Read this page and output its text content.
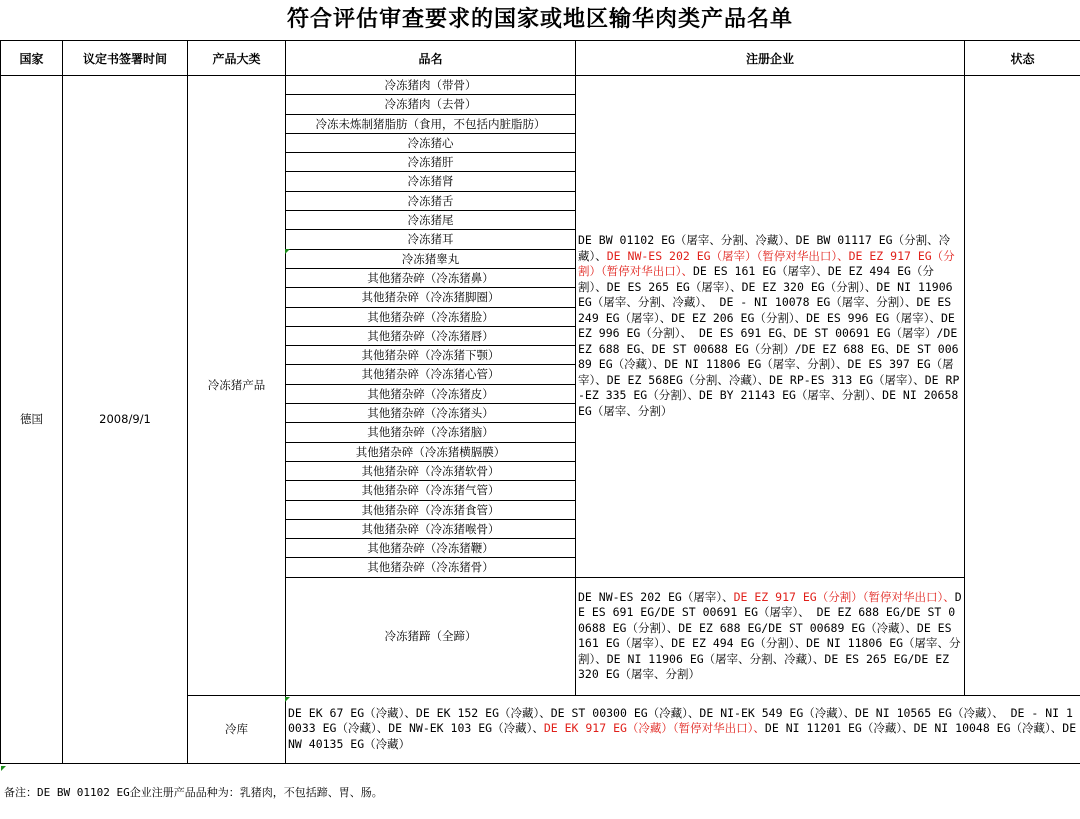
符合评估审查要求的国家或地区输华肉类产品名单
国家	议定书签署时间	产品大类	品名	注册企业	状态
德国	2008/9/1	冷冻猪产品	冷冻猪肉（带骨）	DE BW 01102 EG（屠宰、分割、冷藏）、DE BW 01117 EG（分割、冷藏）、DE NW-ES 202 EG（屠宰）（暂停对华出口）、DE EZ 917 EG（分割）（暂停对华出口）、DE ES 161 EG（屠宰）、DE EZ 494 EG（分割）、DE ES 265 EG（屠宰）、DE EZ 320 EG（分割）、DE NI 11906 EG（屠宰、分割、冷藏）、 DE - NI 10078 EG（屠宰、分割）、DE ES 249 EG（屠宰）、DE EZ 206 EG（分割）、DE ES 996 EG（屠宰）、DE EZ 996 EG（分割）、 DE ES 691 EG、DE ST 00691 EG（屠宰）/DE EZ 688 EG、DE ST 00688 EG（分割）/DE EZ 688 EG、DE ST 00689 EG（冷藏）、DE NI 11806 EG（屠宰、分割）、DE ES 397 EG（屠宰）、DE EZ 568EG（分割、冷藏）、DE RP-ES 313 EG（屠宰）、DE RP-EZ 335 EG（分割）、DE BY 21143 EG（屠宰、分割）、DE NI 20658 EG（屠宰、分割）	
			冷冻猪肉（去骨）		
			冷冻未炼制猪脂肪（食用，不包括内脏脂肪）		
			冷冻猪心		
			冷冻猪肝		
			冷冻猪肾		
			冷冻猪舌		
			冷冻猪尾		
			冷冻猪耳		
			冷冻猪睾丸		
			其他猪杂碎（冷冻猪鼻）		
			其他猪杂碎（冷冻猪脚圈）		
			其他猪杂碎（冷冻猪脸）		
			其他猪杂碎（冷冻猪唇）		
			其他猪杂碎（冷冻猪下颚）		
			其他猪杂碎（冷冻猪心管）		
			其他猪杂碎（冷冻猪皮）		
			其他猪杂碎（冷冻猪头）		
			其他猪杂碎（冷冻猪脑）		
			其他猪杂碎（冷冻猪横膈膜）		
			其他猪杂碎（冷冻猪软骨）		
			其他猪杂碎（冷冻猪气管）		
			其他猪杂碎（冷冻猪食管）		
			其他猪杂碎（冷冻猪喉骨）		
			其他猪杂碎（冷冻猪鞭）		
			其他猪杂碎（冷冻猪骨）		
			冷冻猪蹄（全蹄）	DE NW-ES 202 EG（屠宰）、DE EZ 917 EG（分割）（暂停对华出口）、DE ES 691 EG/DE ST 00691 EG（屠宰）、 DE EZ 688 EG/DE ST 00688 EG（分割）、DE EZ 688 EG/DE ST 00689 EG（冷藏）、DE ES 161 EG（屠宰）、DE EZ 494 EG（分割）、DE NI 11806 EG（屠宰、分割）、DE NI 11906 EG（屠宰、分割、冷藏）、DE ES 265 EG/DE EZ 320 EG（屠宰、分割）	
		冷库	DE EK 67 EG（冷藏）、DE EK 152 EG（冷藏）、DE ST 00300 EG（冷藏）、DE NI-EK 549 EG（冷藏）、DE NI 10565 EG（冷藏）、 DE - NI 10033 EG（冷藏）、DE NW-EK 103 EG（冷藏）、DE EK 917 EG（冷藏）（暂停对华出口）、DE NI 11201 EG（冷藏）、DE NI 10048 EG（冷藏）、DE NW 40135 EG（冷藏）		
备注：DE BW 01102 EG企业注册产品品种为：乳猪肉，不包括蹄、胃、肠。
